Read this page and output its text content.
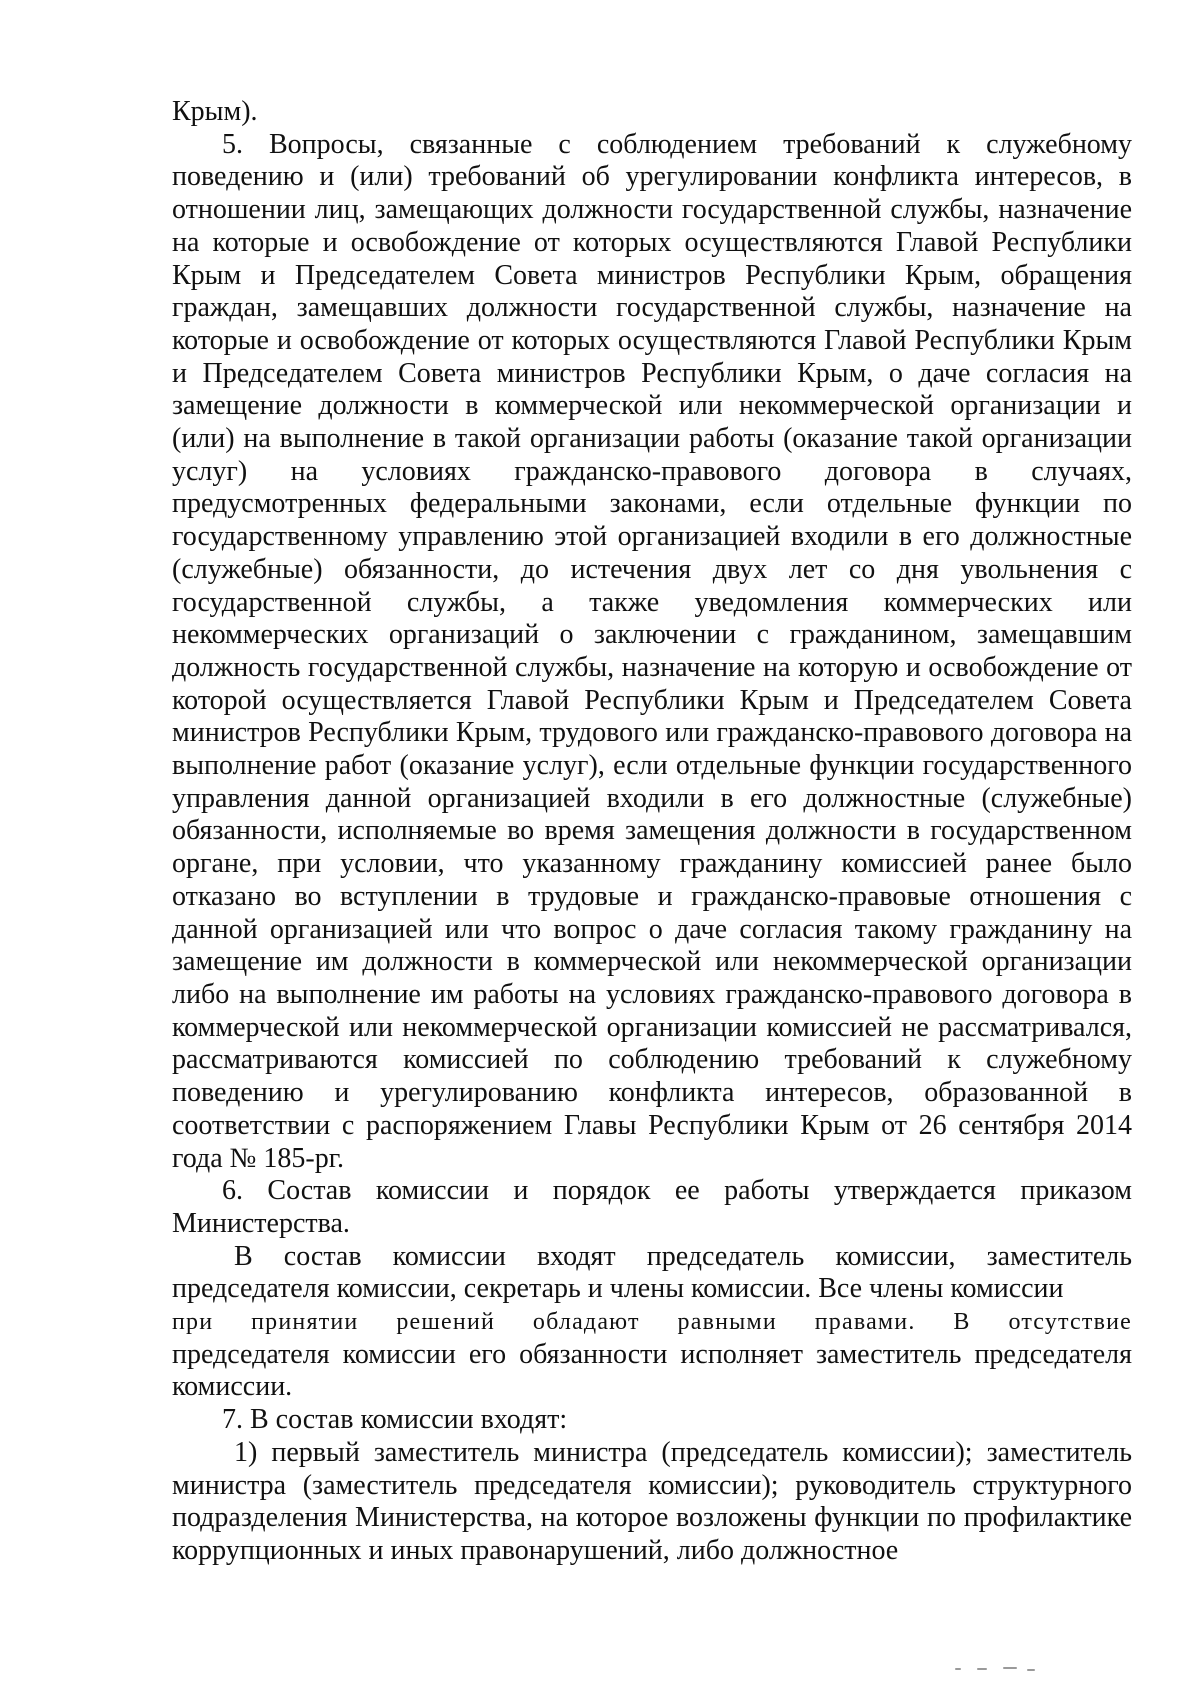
Крым).

5. Вопросы, связанные с соблюдением требований к служебному поведению и (или) требований об урегулировании конфликта интересов, в отношении лиц, замещающих должности государственной службы, назначение на которые и освобождение от которых осуществляются Главой Республики Крым и Председателем Совета министров Республики Крым, обращения граждан, замещавших должности государственной службы, назначение на которые и освобождение от которых осуществляются Главой Республики Крым и Председателем Совета министров Республики Крым, о даче согласия на замещение должности в коммерческой или некоммерческой организации и (или) на выполнение в такой организации работы (оказание такой организации услуг) на условиях гражданско-правового договора в случаях, предусмотренных федеральными законами, если отдельные функции по государственному управлению этой организацией входили в его должностные (служебные) обязанности, до истечения двух лет со дня увольнения с государственной службы, а также уведомления коммерческих или некоммерческих организаций о заключении с гражданином, замещавшим должность государственной службы, назначение на которую и освобождение от которой осуществляется Главой Республики Крым и Председателем Совета министров Республики Крым, трудового или гражданско-правового договора на выполнение работ (оказание услуг), если отдельные функции государственного управления данной организацией входили в его должностные (служебные) обязанности, исполняемые во время замещения должности в государственном органе, при условии, что указанному гражданину комиссией ранее было отказано во вступлении в трудовые и гражданско-правовые отношения с данной организацией или что вопрос о даче согласия такому гражданину на замещение им должности в коммерческой или некоммерческой организации либо на выполнение им работы на условиях гражданско-правового договора в коммерческой или некоммерческой организации комиссией не рассматривался, рассматриваются комиссией по соблюдению требований к служебному поведению и урегулированию конфликта интересов, образованной в соответствии с распоряжением Главы Республики Крым от 26 сентября 2014 года № 185-рг.

6. Состав комиссии и порядок ее работы утверждается приказом Министерства.

В состав комиссии входят председатель комиссии, заместитель председателя комиссии, секретарь и члены комиссии. Все члены комиссии
при принятии решений обладают равными правами. В отсутствие
председателя комиссии его обязанности исполняет заместитель председателя комиссии.

7. В состав комиссии входят:

1) первый заместитель министра (председатель комиссии); заместитель министра (заместитель председателя комиссии); руководитель структурного подразделения Министерства, на которое возложены функции по профилактике коррупционных и иных правонарушений, либо должностное
